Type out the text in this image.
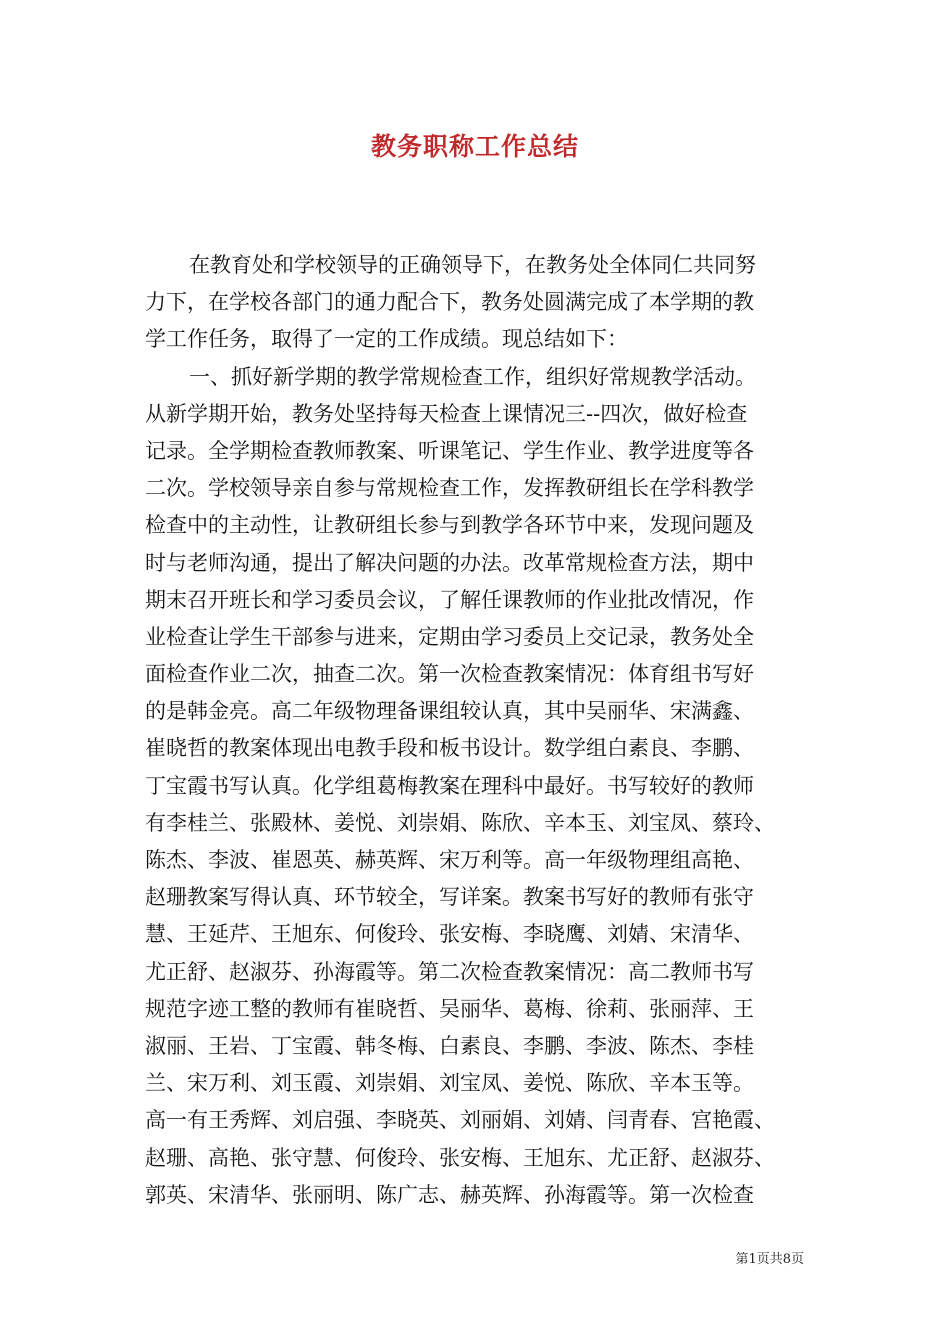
教务职称工作总结
在教育处和学校领导的正确领导下，在教务处全体同仁共同努
力下，在学校各部门的通力配合下，教务处圆满完成了本学期的教
学工作任务，取得了一定的工作成绩。现总结如下：
一、抓好新学期的教学常规检查工作，组织好常规教学活动。
从新学期开始，教务处坚持每天检查上课情况三--四次，做好检查
记录。全学期检查教师教案、听课笔记、学生作业、教学进度等各
二次。学校领导亲自参与常规检查工作，发挥教研组长在学科教学
检查中的主动性，让教研组长参与到教学各环节中来，发现问题及
时与老师沟通，提出了解决问题的办法。改革常规检查方法，期中
期末召开班长和学习委员会议，了解任课教师的作业批改情况，作
业检查让学生干部参与进来，定期由学习委员上交记录，教务处全
面检查作业二次，抽查二次。第一次检查教案情况：体育组书写好
的是韩金亮。高二年级物理备课组较认真，其中吴丽华、宋满鑫、
崔晓哲的教案体现出电教手段和板书设计。数学组白素良、李鹏、
丁宝霞书写认真。化学组葛梅教案在理科中最好。书写较好的教师
有李桂兰、张殿林、姜悦、刘崇娟、陈欣、辛本玉、刘宝凤、蔡玲、
陈杰、李波、崔恩英、赫英辉、宋万利等。高一年级物理组高艳、
赵珊教案写得认真、环节较全，写详案。教案书写好的教师有张守
慧、王延芹、王旭东、何俊玲、张安梅、李晓鹰、刘婧、宋清华、
尤正舒、赵淑芬、孙海霞等。第二次检查教案情况：高二教师书写
规范字迹工整的教师有崔晓哲、吴丽华、葛梅、徐莉、张丽萍、王
淑丽、王岩、丁宝霞、韩冬梅、白素良、李鹏、李波、陈杰、李桂
兰、宋万利、刘玉霞、刘崇娟、刘宝凤、姜悦、陈欣、辛本玉等。
高一有王秀辉、刘启强、李晓英、刘丽娟、刘婧、闫青春、宫艳霞、
赵珊、高艳、张守慧、何俊玲、张安梅、王旭东、尤正舒、赵淑芬、
郭英、宋清华、张丽明、陈广志、赫英辉、孙海霞等。第一次检查
第1页共8页
